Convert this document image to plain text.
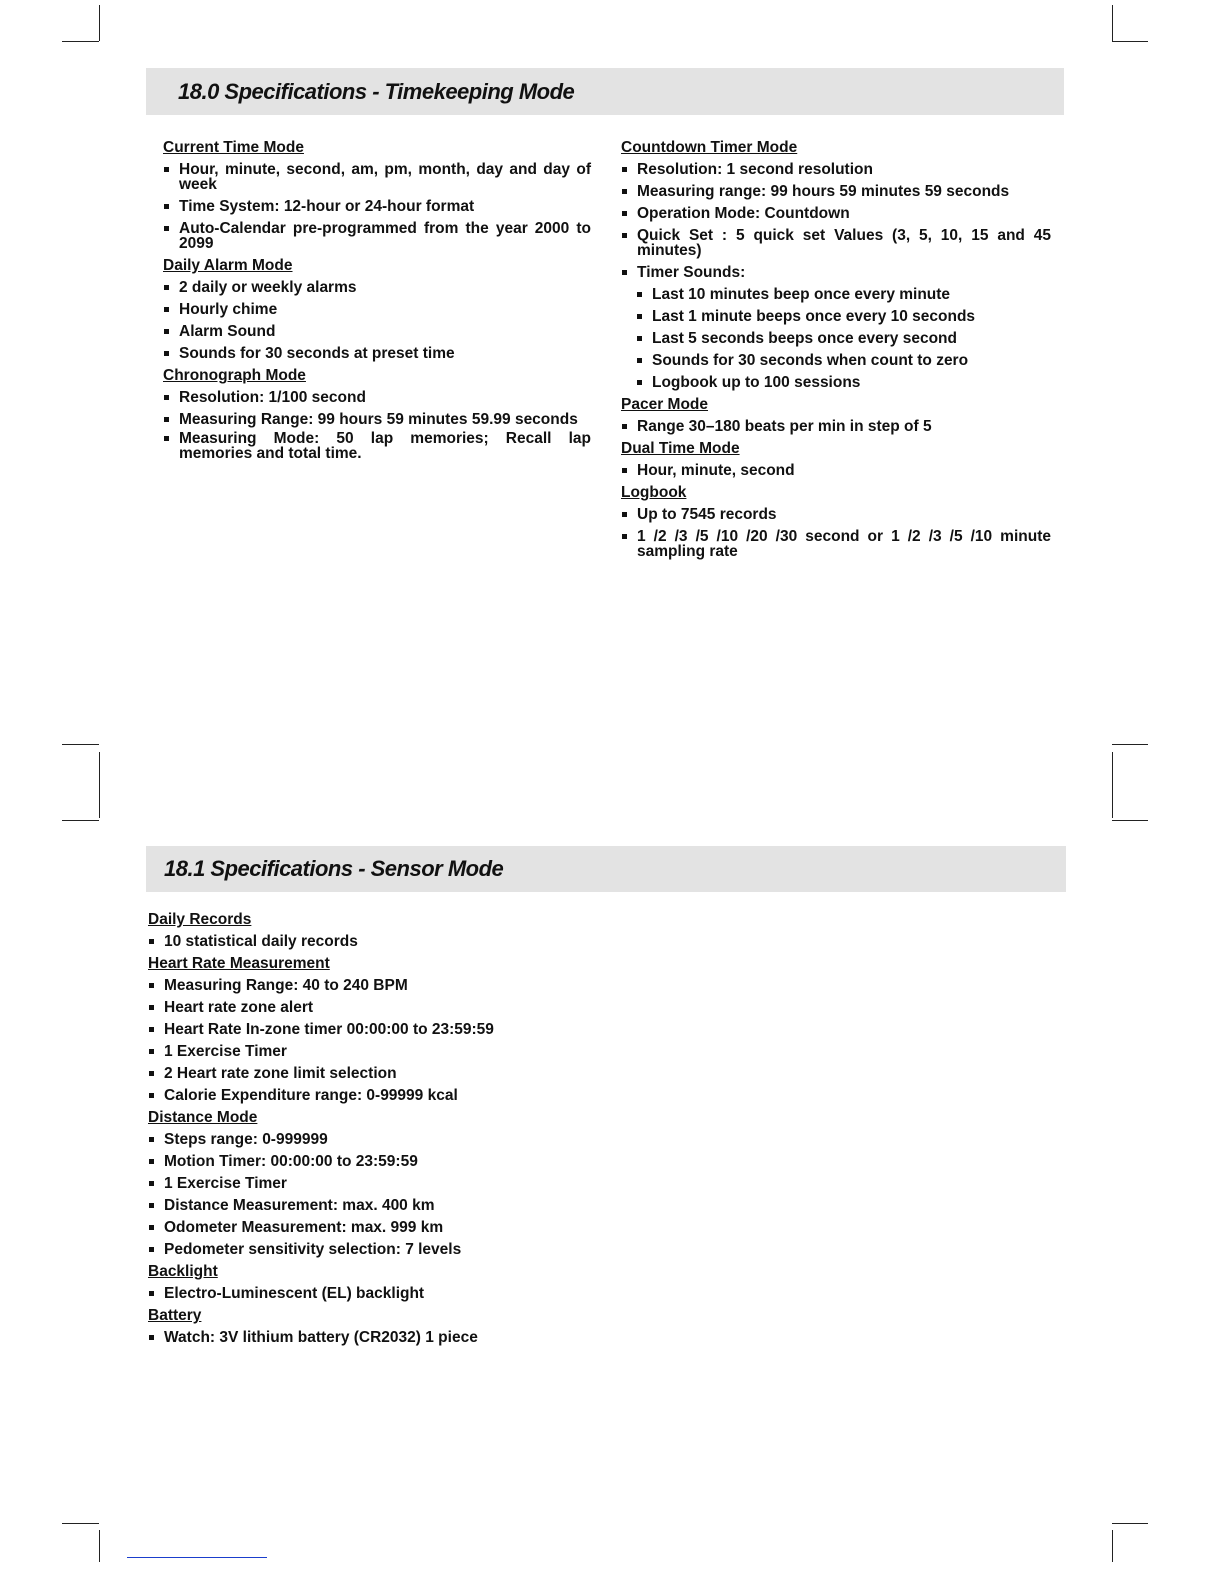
18.0 Specifications - Timekeeping Mode

Current Time Mode

Hour, minute, second, am, pm, month, day and day of week
Time System: 12-hour or 24-hour format
Auto-Calendar pre-programmed from the year 2000 to 2099

Daily Alarm Mode

2 daily or weekly alarms
Hourly chime
Alarm Sound
Sounds for 30 seconds at preset time

Chronograph Mode

Resolution: 1/100 second
Measuring Range: 99 hours 59 minutes 59.99 seconds
Measuring Mode: 50 lap memories; Recall lap memories and total time.

Countdown Timer Mode

Resolution: 1 second resolution
Measuring range: 99 hours 59 minutes 59 seconds
Operation Mode: Countdown
Quick Set : 5 quick set Values (3, 5, 10, 15 and 45 minutes)
Timer Sounds:
Last 10 minutes beep once every minute
Last 1 minute beeps once every 10 seconds
Last 5 seconds beeps once every second
Sounds for 30 seconds when count to zero
Logbook up to 100 sessions

Pacer Mode

Range 30–180 beats per min in step of 5

Dual Time Mode

Hour, minute, second

Logbook

Up to 7545 records
1 /2 /3 /5 /10 /20 /30 second or 1 /2 /3 /5 /10 minute sampling rate
18.1 Specifications - Sensor Mode

Daily Records

10 statistical daily records

Heart Rate Measurement

Measuring Range: 40 to 240 BPM
Heart rate zone alert
Heart Rate In-zone timer 00:00:00 to 23:59:59
1 Exercise Timer
2 Heart rate zone limit selection
Calorie Expenditure range: 0-99999 kcal

Distance Mode

Steps range: 0-999999
Motion Timer: 00:00:00 to 23:59:59
1 Exercise Timer
Distance Measurement: max. 400 km
Odometer Measurement: max. 999 km
Pedometer sensitivity selection: 7 levels

Backlight

Electro-Luminescent (EL) backlight

Battery

Watch: 3V lithium battery (CR2032) 1 piece
